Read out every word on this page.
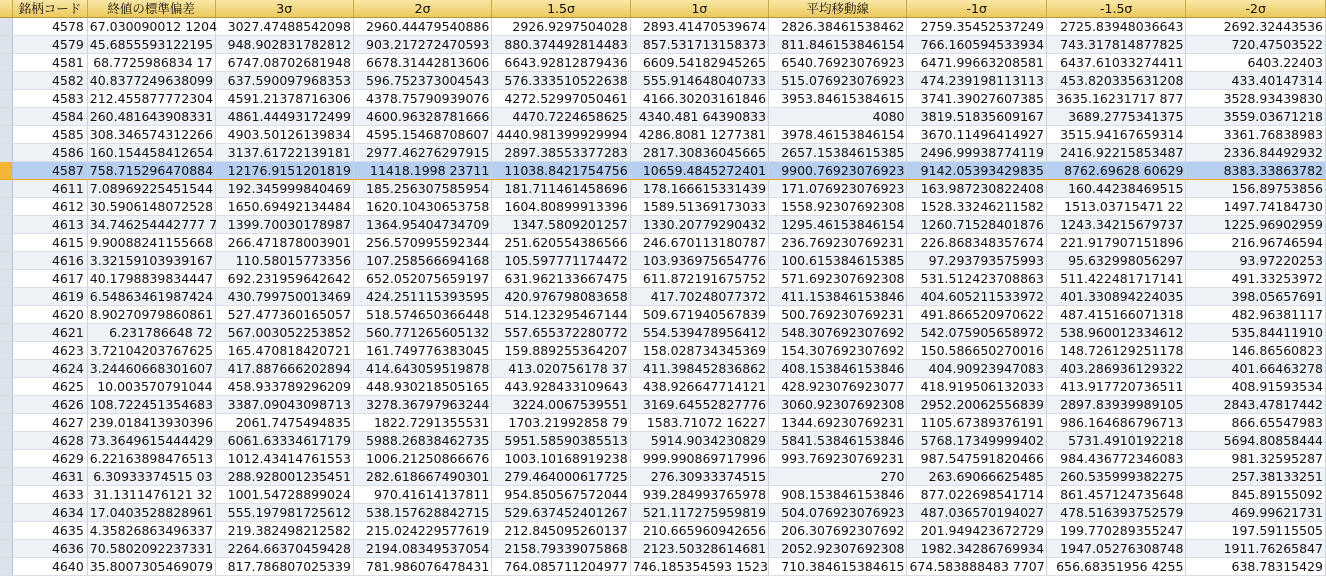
	銘柄コード	終値の標準偏差	3σ	2σ	1.5σ	1σ	平均移動線	-1σ	-1.5σ	-2σ
	4578	67.030090012 1204	3027.47488542098	2960.44479540886	2926.9297504028	2893.41470539674	2826.38461538462	2759.35452537249	2725.83948036643	2692.32443536
	4579	45.6855593122195	948.902831782812	903.217272470593	880.374492814483	857.531713158373	811.846153846154	766.160594533934	743.317814877825	720.47503522
	4581	68.7725986834 17	6747.08702681948	6678.31442813606	6643.92812879436	6609.54182945265	6540.76923076923	6471.99663208581	6437.61033274411	6403.22403
	4582	40.8377249638099	637.590097968353	596.752373004543	576.333510522638	555.914648040733	515.076923076923	474.239198113113	453.820335631208	433.40147314
	4583	212.455877772304	4591.21378716306	4378.75790939076	4272.52997050461	4166.30203161846	3953.84615384615	3741.39027607385	3635.16231717 877	3528.93439830
	4584	260.481643908331	4861.44493172499	4600.96328781666	4470.7224658625	4340.481 64390833	4080	3819.51835609167	3689.2775341375	3559.03671218
	4585	308.346574312266	4903.50126139834	4595.15468708607	4440.981399929994	4286.8081 1277381	3978.46153846154	3670.11496414927	3515.94167659314	3361.76838983
	4586	160.154458412654	3137.61722139181	2977.46276297915	2897.38553377283	2817.30836045665	2657.15384615385	2496.99938774119	2416.92215853487	2336.84492932
	4587	758.715296470884	12176.9151201819	11418.1998 23711	11038.8421754756	10659.4845272401	9900.76923076923	9142.05393429835	8762.69628 60629	8383.33863782
	4611	7.08969225451544	192.345999840469	185.256307585954	181.711461458696	178.166615331439	171.076923076923	163.987230822408	160.44238469515	156.89753856
	4612	30.5906148072528	1650.69492134484	1620.10430653758	1604.80899913396	1589.51369173033	1558.92307692308	1528.33246211582	1513.03715471 22	1497.74184730
	4613	34.746254442777 7	1399.70030178987	1364.95404734709	1347.5809201257	1330.20779290432	1295.46153846154	1260.71528401876	1243.34215679737	1225.96902959
	4615	9.90088241155668	266.471878003901	256.570995592344	251.620554386566	246.670113180787	236.769230769231	226.868348357674	221.917907151896	216.96746594
	4616	3.32159103939167	110.58015773356	107.258566694168	105.597771174472	103.936975654776	100.615384615385	97.293793575993	95.632998056297	93.97220253
	4617	40.1798839834447	692.231959642642	652.052075659197	631.962133667475	611.872191675752	571.692307692308	531.512423708863	511.422481717141	491.33253972
	4619	6.54863461987424	430.799750013469	424.251115393595	420.976798083658	417.70248077372	411.153846153846	404.605211533972	401.330894224035	398.05657691
	4620	8.90270979860861	527.477360165057	518.574650366448	514.123295467144	509.671940567839	500.769230769231	491.866520970622	487.415166071318	482.96381117
	4621	6.231786648 72	567.003052253852	560.771265605132	557.655372280772	554.539478956412	548.307692307692	542.075905658972	538.960012334612	535.84411910
	4623	3.72104203767625	165.470818420721	161.749776383045	159.889255364207	158.028734345369	154.307692307692	150.586650270016	148.726129251178	146.86560823
	4624	3.24460668301607	417.887666202894	414.643059519878	413.020756178 37	411.398452836862	408.153846153846	404.90923947083	403.286936129322	401.66463278
	4625	10.003570791044	458.933789296209	448.930218505165	443.928433109643	438.926647714121	428.923076923077	418.919506132033	413.917720736511	408.91593534
	4626	108.722451354683	3387.09043098713	3278.36797963244	3224.0067539551	3169.64552827776	3060.92307692308	2952.20062556839	2897.83939989105	2843.47817442
	4627	239.018413930396	2061.7475494835	1822.7291355531	1703.21992858 79	1583.71072 16227	1344.69230769231	1105.67389376191	986.164686796713	866.65547983
	4628	73.3649615444429	6061.63334617179	5988.26838462735	5951.58590385513	5914.9034230829	5841.53846153846	5768.17349999402	5731.4910192218	5694.80858444
	4629	6.22163898476513	1012.43414761553	1006.21250866676	1003.10168919238	999.990869717996	993.769230769231	987.547591820466	984.436772346083	981.32595287
	4631	6.30933374515 03	288.928001235451	282.618667490301	279.464000617725	276.30933374515	270	263.69066625485	260.535999382275	257.38133251
	4633	31.1311476121 32	1001.54728899024	970.41614137811	954.850567572044	939.284993765978	908.153846153846	877.022698541714	861.457124735648	845.89155092
	4634	17.0403528828961	555.197981725612	538.157628842715	529.637452401267	521.117275959819	504.076923076923	487.036570194027	478.516393752579	469.99621731
	4635	4.35826863496337	219.382498212582	215.024229577619	212.845095260137	210.665960942656	206.307692307692	201.949423672729	199.770289355247	197.59115505
	4636	70.5802092237331	2264.66370459428	2194.08349537054	2158.79339075868	2123.50328614681	2052.92307692308	1982.34286769934	1947.05276308748	1911.76265847
	4640	35.8007305469079	817.786807025339	781.986076478431	764.085711204977	746.185354593 1523	710.384615384615	674.583888483 7707	656.68351956 4255	638.78315429
